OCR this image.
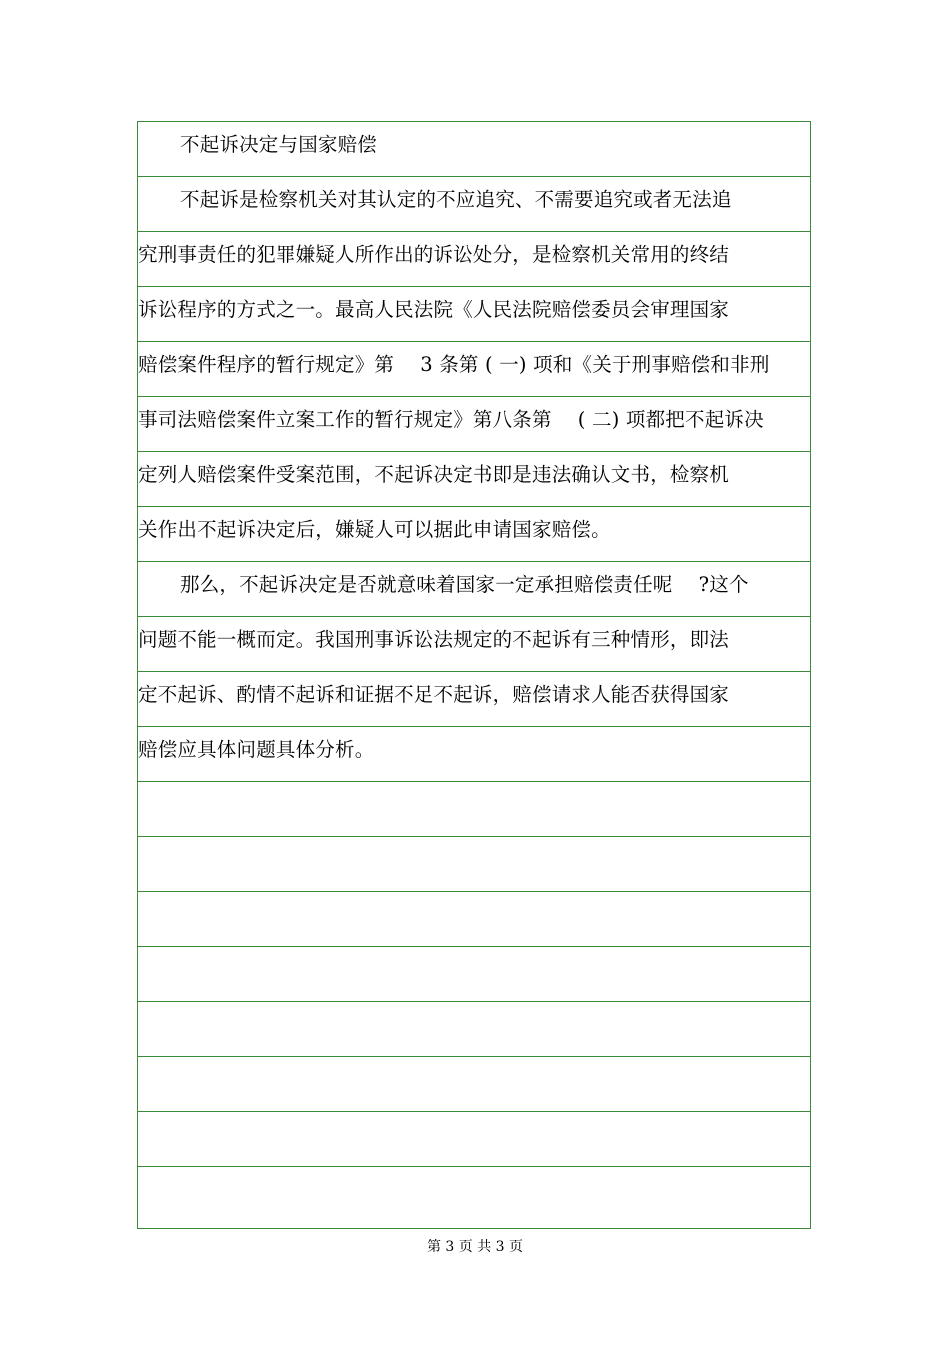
不起诉决定与国家赔偿
不起诉是检察机关对其认定的不应追究、不需要追究或者无法追
究刑事责任的犯罪嫌疑人所作出的诉讼处分，是检察机关常用的终结
诉讼程序的方式之一。最高人民法院《人民法院赔偿委员会审理国家
赔偿案件程序的暂行规定》第　 3 条第 ( 一) 项和《关于刑事赔偿和非刑
事司法赔偿案件立案工作的暂行规定》第八条第　 ( 二) 项都把不起诉决
定列人赔偿案件受案范围，不起诉决定书即是违法确认文书，检察机
关作出不起诉决定后，嫌疑人可以据此申请国家赔偿。
那么，不起诉决定是否就意味着国家一定承担赔偿责任呢　 ?这个
问题不能一概而定。我国刑事诉讼法规定的不起诉有三种情形，即法
定不起诉、酌情不起诉和证据不足不起诉，赔偿请求人能否获得国家
赔偿应具体问题具体分析。
第 3 页 共 3 页
